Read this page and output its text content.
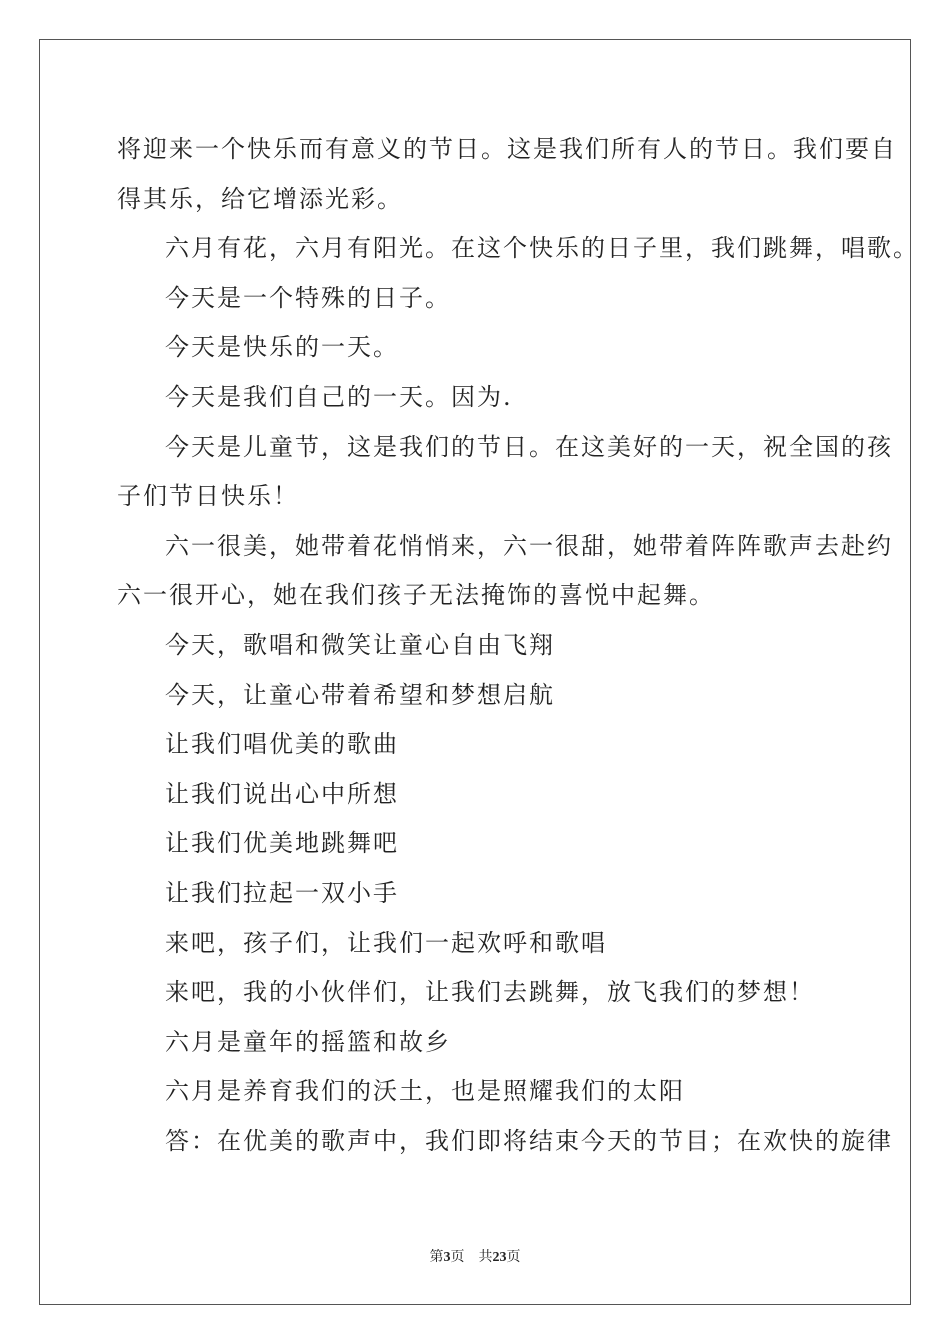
将迎来一个快乐而有意义的节日。这是我们所有人的节日。我们要自
得其乐，给它增添光彩。
六月有花，六月有阳光。在这个快乐的日子里，我们跳舞，唱歌。
今天是一个特殊的日子。
今天是快乐的一天。
今天是我们自己的一天。因为.
今天是儿童节，这是我们的节日。在这美好的一天，祝全国的孩
子们节日快乐！
六一很美，她带着花悄悄来，六一很甜，她带着阵阵歌声去赴约
六一很开心，她在我们孩子无法掩饰的喜悦中起舞。
今天，歌唱和微笑让童心自由飞翔
今天，让童心带着希望和梦想启航
让我们唱优美的歌曲
让我们说出心中所想
让我们优美地跳舞吧
让我们拉起一双小手
来吧，孩子们，让我们一起欢呼和歌唱
来吧，我的小伙伴们，让我们去跳舞，放飞我们的梦想！
六月是童年的摇篮和故乡
六月是养育我们的沃土，也是照耀我们的太阳
答：在优美的歌声中，我们即将结束今天的节目；在欢快的旋律
第3页 共23页
